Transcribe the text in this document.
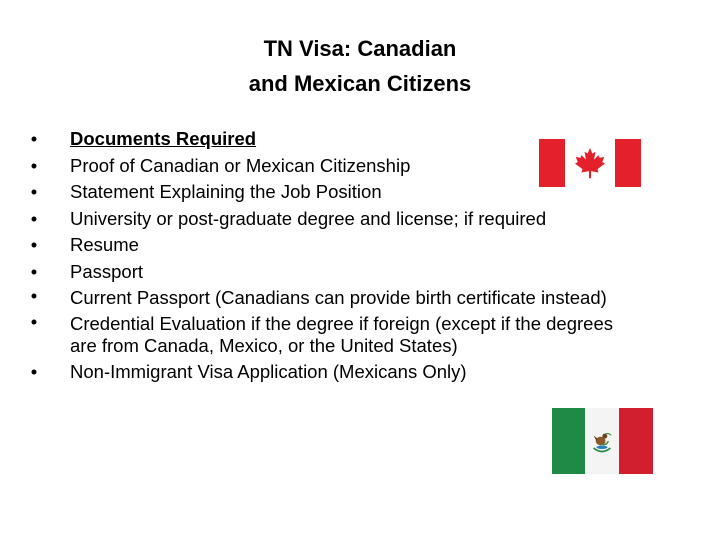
TN Visa: Canadian
and Mexican Citizens
• Documents Required
• Proof of Canadian or Mexican Citizenship
• Statement Explaining the Job Position
• University or post-graduate degree and license; if required
• Resume
• Passport
• Current Passport (Canadians can provide birth certificate instead)
• Credential Evaluation if the degree if foreign (except if the degrees are from Canada, Mexico, or the United States)
• Non-Immigrant Visa Application (Mexicans Only)
